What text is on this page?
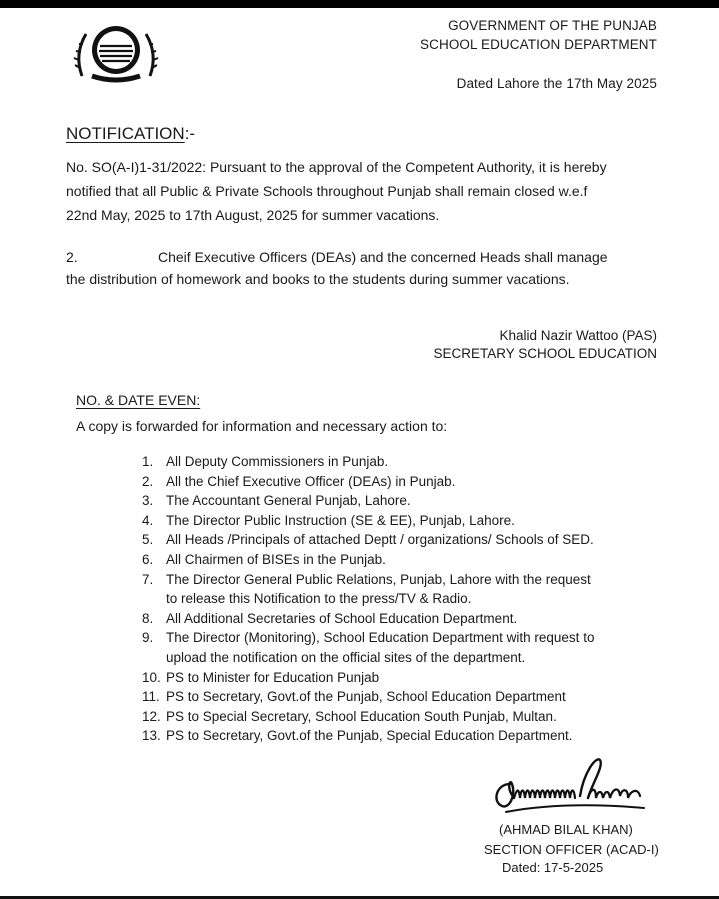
GOVERNMENT OF THE PUNJAB
SCHOOL EDUCATION DEPARTMENT
Dated Lahore the 17th May 2025
NOTIFICATION:-
No. SO(A-I)1-31/2022: Pursuant to the approval of the Competent Authority, it is hereby
notified that all Public & Private Schools throughout Punjab shall remain closed w.e.f
22nd May, 2025 to 17th August, 2025 for summer vacations.
2.	Cheif Executive Officers (DEAs) and the concerned Heads shall manage
the distribution of homework and books to the students during summer vacations.
Khalid Nazir Wattoo (PAS)
SECRETARY SCHOOL EDUCATION
NO. & DATE EVEN:
A copy is forwarded for information and necessary action to:
1. All Deputy Commissioners in Punjab.
2. All the Chief Executive Officer (DEAs) in Punjab.
3. The Accountant General Punjab, Lahore.
4. The Director Public Instruction (SE & EE), Punjab, Lahore.
5. All Heads /Principals of attached Deptt / organizations/ Schools of SED.
6. All Chairmen of BISEs in the Punjab.
7. The Director General Public Relations, Punjab, Lahore with the request
to release this Notification to the press/TV & Radio.
8. All Additional Secretaries of School Education Department.
9. The Director (Monitoring), School Education Department with request to
upload the notification on the official sites of the department.
10. PS to Minister for Education Punjab
11. PS to Secretary, Govt.of the Punjab, School Education Department
12. PS to Special Secretary, School Education South Punjab, Multan.
13. PS to Secretary, Govt.of the Punjab, Special Education Department.
(AHMAD BILAL KHAN)
SECTION OFFICER (ACAD-I)
Dated: 17-5-2025
